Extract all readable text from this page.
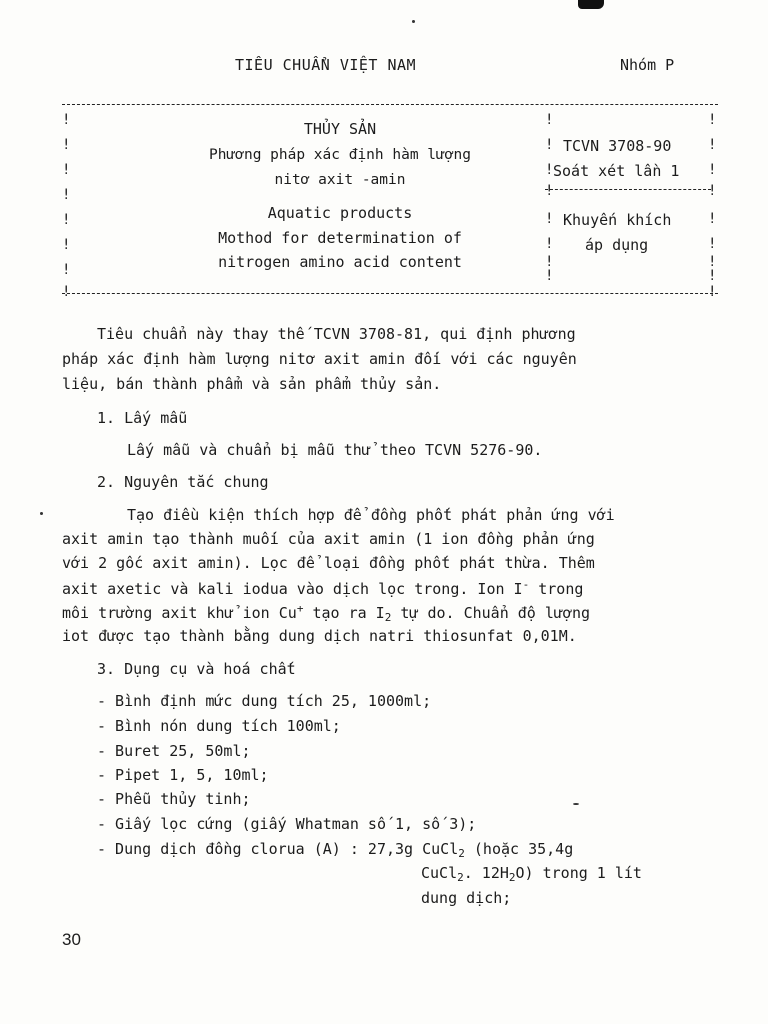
TIÊU CHUẨN VIỆT NAM	Nhóm P
!
!
!
!
!
!
!
!
!
!
!
!
!
!
!
!
!
!
!
!
!
!
!
!
!
THỦY SẢN
Phương pháp xác định hàm lượng
nitơ axit -amin
Aquatic products
Mothod for determination of
nitrogen amino acid content
TCVN 3708-90
Soát xét lần 1
Khuyến khích
áp dụng
Tiêu chuẩn này thay thế TCVN 3708-81, qui định phương
pháp xác định hàm lượng nitơ axit amin đối với các nguyên
liệu, bán thành phẩm và sản phẩm thủy sản.
1. Lấy mẫu
Lấy mẫu và chuẩn bị mẫu thử theo TCVN 5276-90.
2. Nguyên tắc chung
Tạo điều kiện thích hợp để đồng phốt phát phản ứng với
axit amin tạo thành muối của axit amin (1 ion đồng phản ứng
với 2 gốc axit amin). Lọc để loại đồng phốt phát thừa. Thêm
axit axetic và kali iodua vào dịch lọc trong. Ion I- trong
môi trường axit khử ion Cu+ tạo ra $I_2$ tự do. Chuẩn độ lượng
iot được tạo thành bằng dung dịch natri thiosunfat 0,01M.
3. Dụng cụ và hoá chất
- Bình định mức dung tích 25, 1000ml;
- Bình nón dung tích 100ml;
- Buret 25, 50ml;
- Pipet 1, 5, 10ml;
- Phễu thủy tinh;
- Giấy lọc cứng (giấy Whatman số 1, số 3);
- Dung dịch đồng clorua (A) : 27,3g CuCl$_2$ (hoặc 35,4g
CuCl$_2$. $12H_2O$) trong 1 lít
dung dịch;
30
